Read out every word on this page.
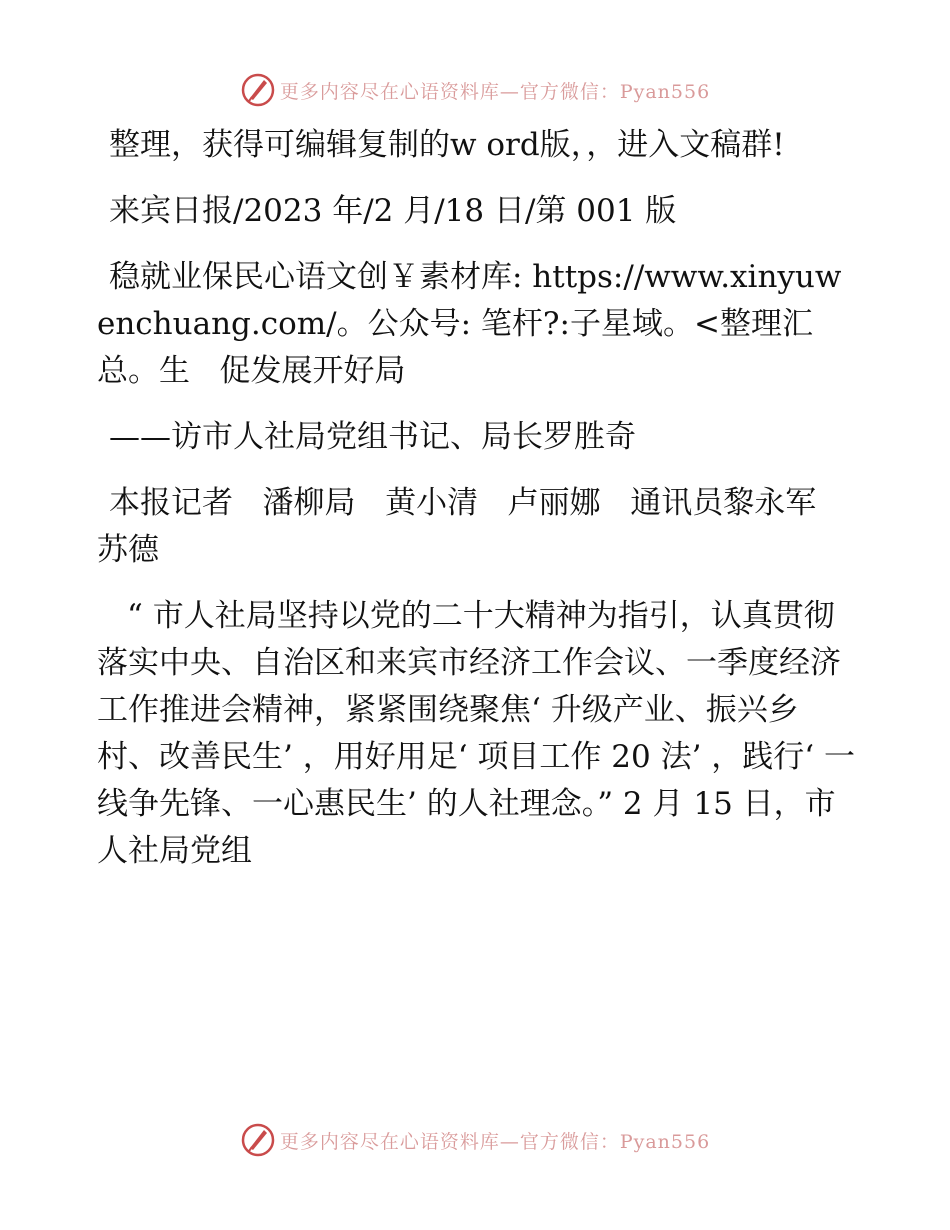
更多内容尽在心语资料库—官方微信：Pyan556

整理，获得可编辑复制的w ord版，，进入文稿群!

来宾日报/2023 年/2 月/18 日/第 001 版

稳就业保民心语文创￥素材库: https://www.xinyuwenchuang.com/。公众号: 笔杆?:子星域。<整理汇总。生   促发展开好局

——访市人社局党组书记、局长罗胜奇

本报记者   潘柳局   黄小清   卢丽娜   通讯员黎永军   苏德

“ 市人社局坚持以党的二十大精神为指引，认真贯彻落实中央、自治区和来宾市经济工作会议、一季度经济工作推进会精神，紧紧围绕聚焦‘ 升级产业、振兴乡村、改善民生’ ，用好用足‘ 项目工作 20 法’ ，践行‘ 一线争先锋、一心惠民生’ 的人社理念。” 2 月 15 日，市人社局党组

更多内容尽在心语资料库—官方微信：Pyan556
